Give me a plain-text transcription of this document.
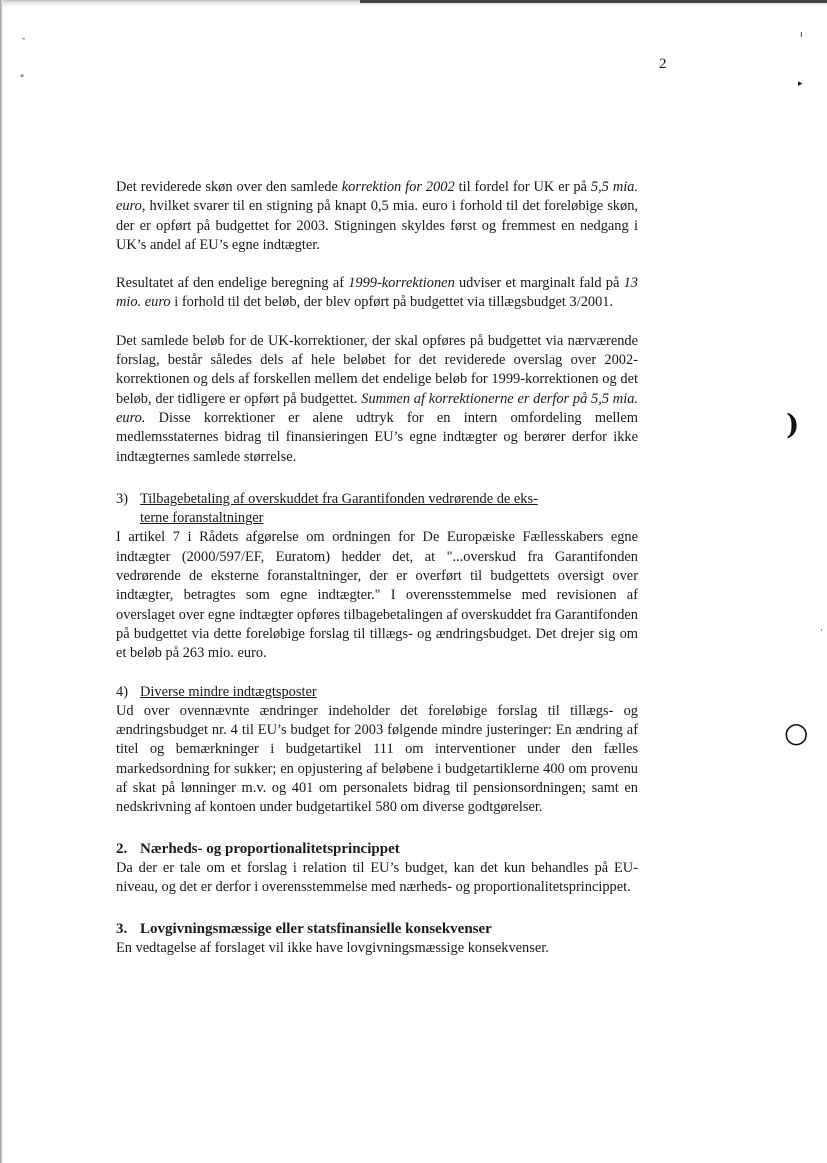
ı
▸
-
"
·
)
○
2

Det reviderede skøn over den samlede korrektion for 2002 til fordel for UK er på 5,5 mia. euro, hvilket svarer til en stigning på knapt 0,5 mia. euro i forhold til det foreløbige skøn, der er opført på budgettet for 2003. Stigningen skyldes først og fremmest en nedgang i UK’s andel af EU’s egne indtægter.

Resultatet af den endelige beregning af 1999-korrektionen udviser et marginalt fald på 13 mio. euro i forhold til det beløb, der blev opført på budgettet via tillægsbudget 3/2001.

Det samlede beløb for de UK-korrektioner, der skal opføres på budgettet via nærværende forslag, består således dels af hele beløbet for det reviderede overslag over 2002-korrektionen og dels af forskellen mellem det endelige beløb for 1999-korrektionen og det beløb, der tidligere er opført på budgettet. Summen af korrektionerne er derfor på 5,5 mia. euro. Disse korrektioner er alene udtryk for en intern omfordeling mellem medlemsstaternes bidrag til finansieringen EU’s egne indtægter og berører derfor ikke indtægternes samlede størrelse.

3) Tilbagebetaling af overskuddet fra Garantifonden vedrørende de eks-
terne foranstaltninger

I artikel 7 i Rådets afgørelse om ordningen for De Europæiske Fællesskabers egne indtægter (2000/597/EF, Euratom) hedder det, at "...overskud fra Garantifonden vedrørende de eksterne foranstaltninger, der er overført til budgettets oversigt over indtægter, betragtes som egne indtægter." I overensstemmelse med revisionen af overslaget over egne indtægter opføres tilbagebetalingen af overskuddet fra Garantifonden på budgettet via dette foreløbige forslag til tillægs- og ændringsbudget. Det drejer sig om et beløb på 263 mio. euro.

4) Diverse mindre indtægtsposter

Ud over ovennævnte ændringer indeholder det foreløbige forslag til tillægs- og ændringsbudget nr. 4 til EU’s budget for 2003 følgende mindre justeringer: En ændring af titel og bemærkninger i budgetartikel 111 om interventioner under den fælles markedsordning for sukker; en opjustering af beløbene i budgetartiklerne 400 om provenu af skat på lønninger m.v. og 401 om personalets bidrag til pensionsordningen; samt en nedskrivning af kontoen under budgetartikel 580 om diverse godtgørelser.

2. Nærheds- og proportionalitetsprincippet

Da der er tale om et forslag i relation til EU’s budget, kan det kun behandles på EU-niveau, og det er derfor i overensstemmelse med nærheds- og proportionalitetsprincippet.

3. Lovgivningsmæssige eller statsfinansielle konsekvenser

En vedtagelse af forslaget vil ikke have lovgivningsmæssige konsekvenser.
